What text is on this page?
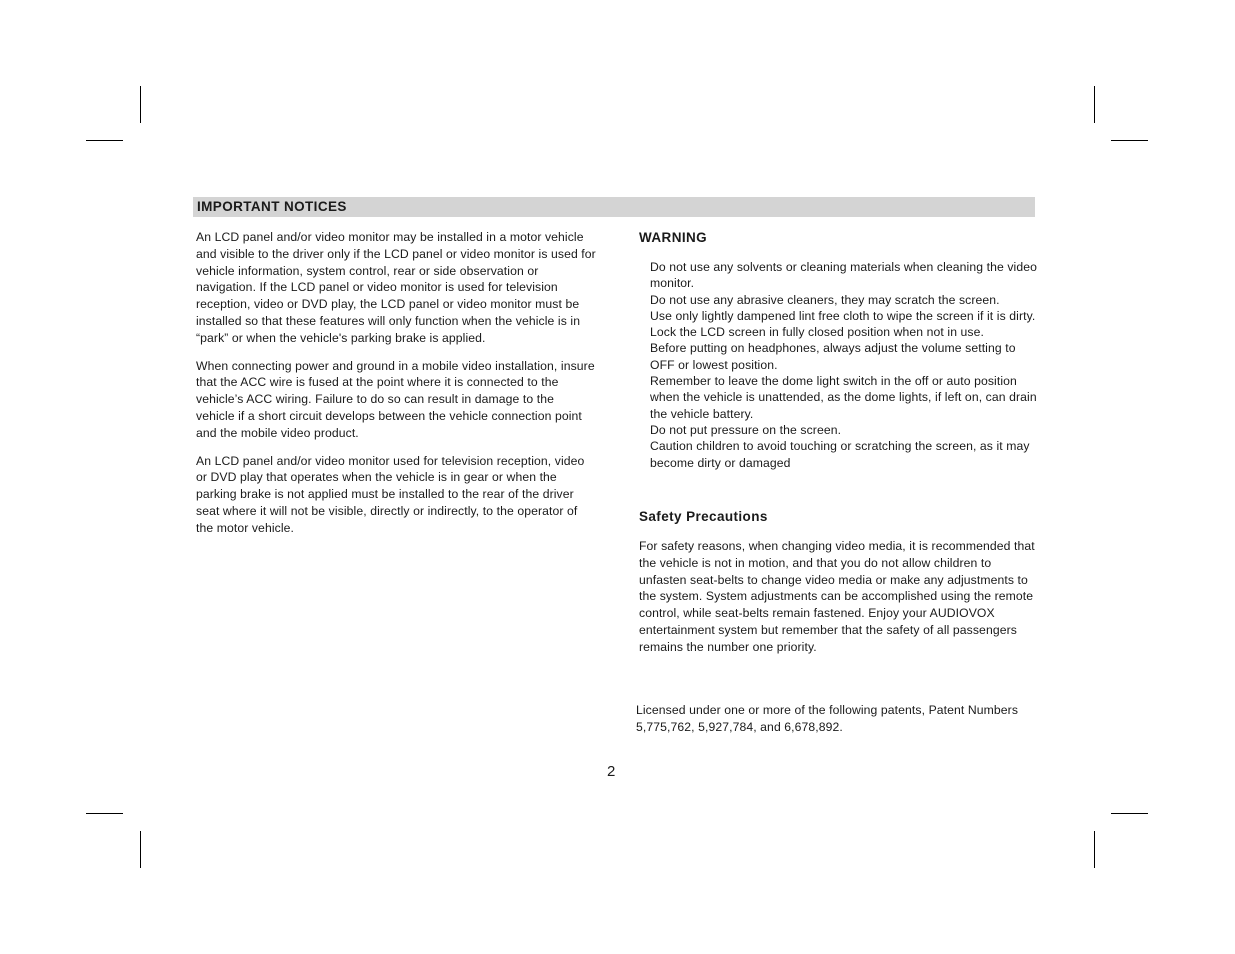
IMPORTANT NOTICES

An LCD panel and/or video monitor may be installed in a motor vehicle and visible to the driver only if the LCD panel or video monitor is used for vehicle information, system control, rear or side observation or navigation. If the LCD panel or video monitor is used for television reception, video or DVD play, the LCD panel or video monitor must be installed so that these features will only function when the vehicle is in “park” or when the vehicle's parking brake is applied.

When connecting power and ground in a mobile video installation, insure that the ACC wire is fused at the point where it is connected to the vehicle’s ACC wiring. Failure to do so can result in damage to the vehicle if a short circuit develops between the vehicle connection point and the mobile video product.

An LCD panel and/or video monitor used for television reception, video or DVD play that operates when the vehicle is in gear or when the parking brake is not applied must be installed to the rear of the driver seat where it will not be visible, directly or indirectly, to the operator of the motor vehicle.

WARNING
Do not use any solvents or cleaning materials when cleaning the video monitor.
Do not use any abrasive cleaners, they may scratch the screen.
Use only lightly dampened lint free cloth to wipe the screen if it is dirty.
Lock the LCD screen in fully closed position when not in use.
Before putting on headphones, always adjust the volume setting to OFF or lowest position.
Remember to leave the dome light switch in the off or auto position when the vehicle is unattended, as the dome lights, if left on, can drain the vehicle battery.
Do not put pressure on the screen.
Caution children to avoid touching or scratching the screen, as it may become dirty or damaged
Safety Precautions
For safety reasons, when changing video media, it is recommended that the vehicle is not in motion, and that you do not allow children to unfasten seat-belts to change video media or make any adjustments to the system. System adjustments can be accomplished using the remote control, while seat-belts remain fastened. Enjoy your AUDIOVOX entertainment system but remember that the safety of all passengers remains the number one priority.
Licensed under one or more of the following patents, Patent Numbers 5,775,762, 5,927,784, and 6,678,892.
2
